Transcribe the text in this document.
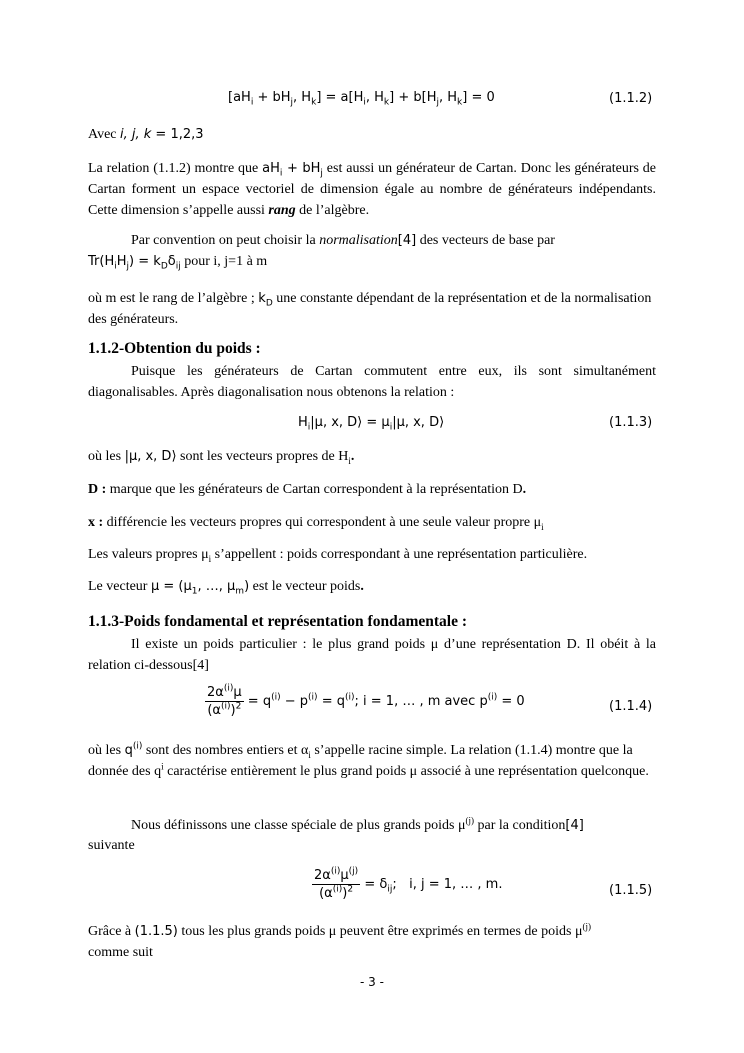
[$aH_i + bH_j$, $H_k] = a[H_i$, $H_k] + b[H_j$, $H_k] = 0$	(1.1.2)
Avec i, j, k = 1,2,3
La relation (1.1.2) montre que $aH_i + bH_j$ est aussi un générateur de Cartan. Donc les générateurs de Cartan forment un espace vectoriel de dimension égale au nombre de générateurs indépendants. Cette dimension s’appelle aussi rang de l’algèbre.
Par convention on peut choisir la normalisation[4] des vecteurs de base par
$Tr(H_iH_j) = k_D\delta_{ij}$ pour i, j=1 à m
où m est le rang de l’algèbre ; $k_D$ une constante dépendant de la représentation et de la normalisation des générateurs.
1.1.2-Obtention du poids :
Puisque les générateurs de Cartan commutent entre eux, ils sont simultanément diagonalisables. Après diagonalisation nous obtenons la relation :
$H_i|\mu$, x, D⟩ = $\mu_i|\mu$, x, D⟩	(1.1.3)
où les |μ, x, D⟩ sont les vecteurs propres de $H_i$.
D : marque que les générateurs de Cartan correspondent à la représentation D.
x : différencie les vecteurs propres qui correspondent à une seule valeur propre $\mu_i$
Les valeurs propres $\mu_i$ s’appellent : poids correspondant à une représentation particulière.
Le vecteur $\mu = (\mu_1$, …, $\mu_m$) est le vecteur poids.
1.1.3-Poids fondamental et représentation fondamentale :
Il existe un poids particulier : le plus grand poids μ d’une représentation D. Il obéit à la relation ci-dessous[4]
$\frac{2\alpha^{(i)}\mu}{(\alpha^{(i)})^2} = q^{(i)} - p^{(i)} = q^{(i)}$; i = 1, … , m avec $p^{(i)} = 0$	(1.1.4)
où les $q^{(i)}$ sont des nombres entiers et $\alpha_i$ s’appelle racine simple. La relation (1.1.4) montre que la donnée des $q^i$ caractérise entièrement le plus grand poids μ associé à une représentation quelconque.
Nous définissons une classe spéciale de plus grands poids $\mu^{(j)}$ par la condition[4]
suivante
$\frac{2\alpha^{(i)}\mu^{(j)}}{(\alpha^{(i)})^2} = \delta_{ij}$;   i, j = 1, … , m.	(1.1.5)
Grâce à (1.1.5) tous les plus grands poids μ peuvent être exprimés en termes de poids $\mu^{(j)}$
comme suit
- 3 -
